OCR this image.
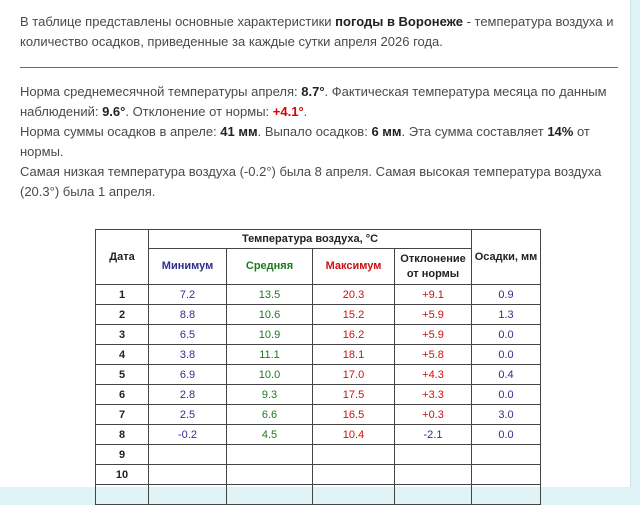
В таблице представлены основные характеристики погоды в Воронеже - температура воздуха и количество осадков, приведенные за каждые сутки апреля 2026 года.

Норма среднемесячной температуры апреля: 8.7°. Фактическая температура месяца по данным наблюдений: 9.6°. Отклонение от нормы: +4.1°.

Норма суммы осадков в апреле: 41 мм. Выпало осадков: 6 мм. Эта сумма составляет 14% от нормы.

Самая низкая температура воздуха (-0.2°) была 8 апреля. Самая высокая температура воздуха (20.3°) была 1 апреля.

Дата	Температура воздуха, °С				Осадки, мм
	Минимум	Средняя	Максимум	Отклонение от нормы	
1	7.2	13.5	20.3	+9.1	0.9
2	8.8	10.6	15.2	+5.9	1.3
3	6.5	10.9	16.2	+5.9	0.0
4	3.8	11.1	18.1	+5.8	0.0
5	6.9	10.0	17.0	+4.3	0.4
6	2.8	9.3	17.5	+3.3	0.0
7	2.5	6.6	16.5	+0.3	3.0
8	-0.2	4.5	10.4	-2.1	0.0
9					
10					
